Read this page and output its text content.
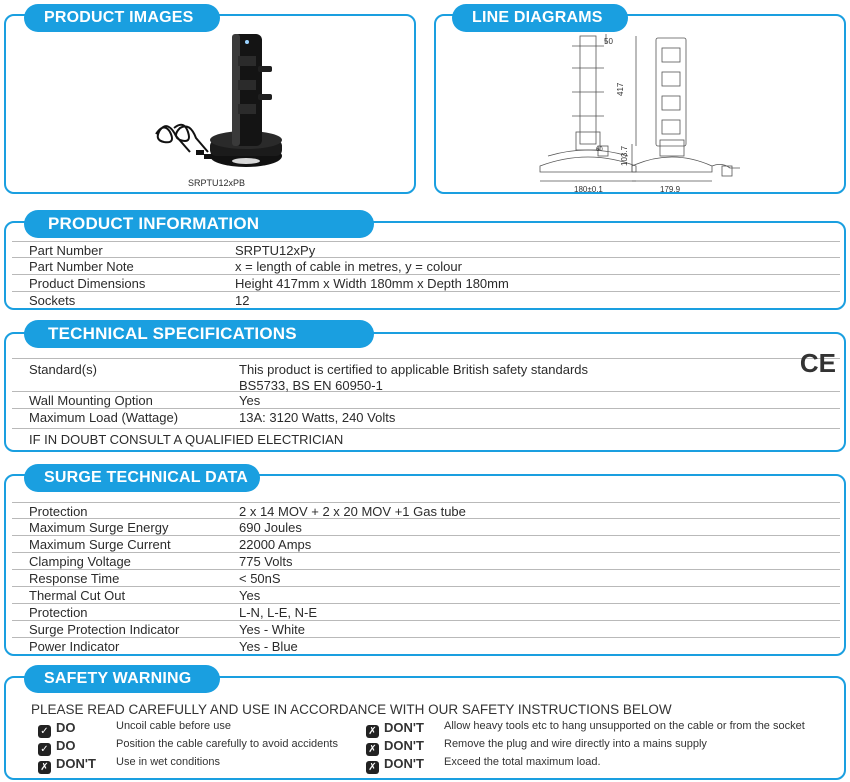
SRPTU12xPB
PRODUCT IMAGES
50
417
103.7
60
180±0.1	179.9
LINE DIAGRAMS
Part Number	SRPTU12xPy
Part Number Note	x = length of cable in metres, y = colour
Product Dimensions	Height 417mm x Width 180mm x Depth 180mm
Sockets	12
PRODUCT INFORMATION
Standard(s)	This product is certified to applicable British safety standards
BS5733, BS EN 60950-1
Wall Mounting Option	Yes
Maximum Load (Wattage)	13A: 3120 Watts, 240 Volts
IF IN DOUBT CONSULT A QUALIFIED ELECTRICIAN
CE
TECHNICAL SPECIFICATIONS
Protection	2 x 14 MOV + 2 x 20 MOV +1 Gas tube
Maximum Surge Energy	690 Joules
Maximum Surge Current	22000 Amps
Clamping Voltage	775 Volts
Response Time	< 50nS
Thermal Cut Out	Yes
Protection	L-N, L-E, N-E
Surge Protection Indicator	Yes - White
Power Indicator	Yes - Blue
SURGE TECHNICAL DATA
PLEASE READ CAREFULLY AND USE IN ACCORDANCE WITH OUR SAFETY INSTRUCTIONS BELOW
✓ DO	Uncoil cable before use
✓ DO	Position the cable carefully to avoid accidents
✗ DON'T Use in wet conditions
✗ DON'T Allow heavy tools etc to hang unsupported on the cable or from the socket
✗ DON'T Remove the plug and wire directly into a mains supply
✗ DON'T Exceed the total maximum load.
SAFETY WARNING
